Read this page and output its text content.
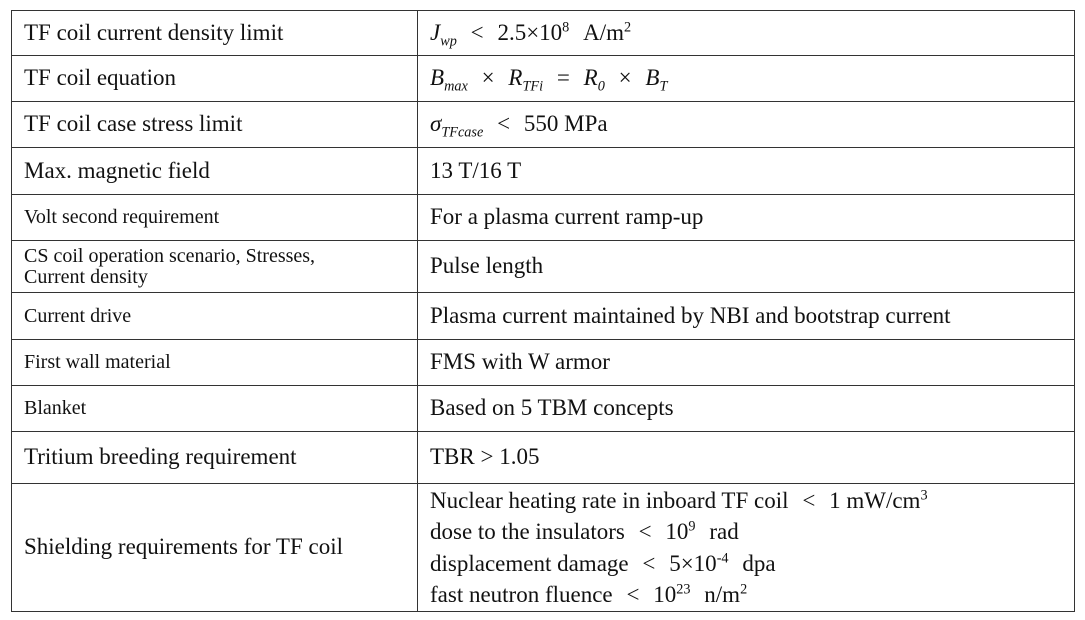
TF coil current density limit	$J_{wp} < 2.5\times 10^8$ $A/m^2$
TF coil equation	$B_{max} \times R_{TFi} = R_0 \times B_T$
TF coil case stress limit	$\sigma_{TFcase} < 550$ MPa
Max. magnetic field	13 T/16 T
Volt second requirement	For a plasma current ramp-up
CS coil operation scenario, Stresses,
Current density	Pulse length
Current drive	Plasma current maintained by NBI and bootstrap current
First wall material	FMS with W armor
Blanket	Based on 5 TBM concepts
Tritium breeding requirement	TBR > 1.05
Shielding requirements for TF coil	Nuclear heating rate in inboard TF coil < 1 $mW/cm^3$
dose to the insulators < $10^9$ rad
displacement damage < $5\times 10^{-4}$ dpa
fast neutron fluence < $10^{23}$ $n/m^2$
